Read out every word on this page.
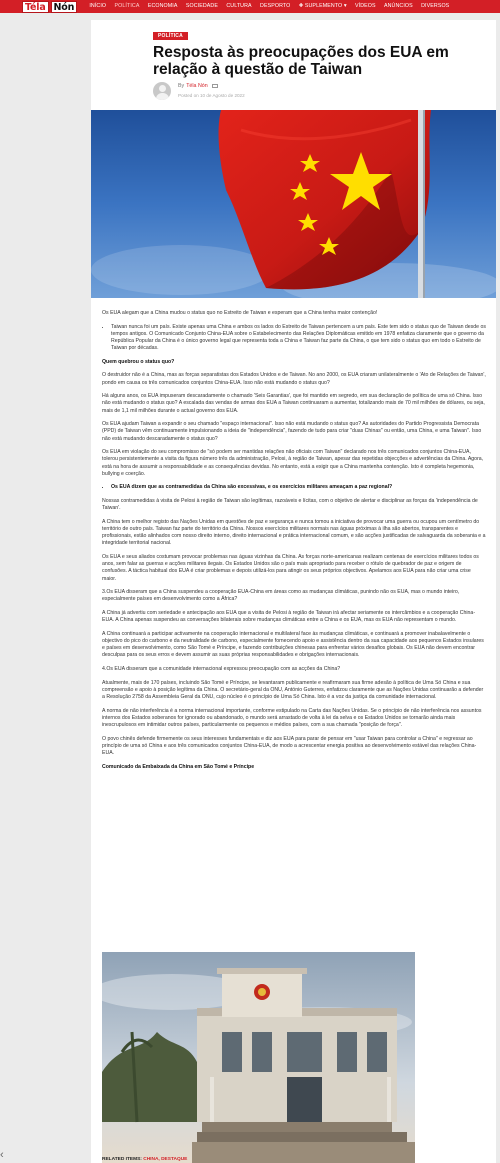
Téla Nón	INÍCIO	POLÍTICA	ECONOMIA	SOCIEDADE	CULTURA	DESPORTO	✚ SUPLEMENTO ▾	VÍDEOS	ANÚNCIOS	DIVERSOS
POLÍTICA
Resposta às preocupações dos EUA em relação à questão de Taiwan
By Téla Nón
Posted on 10 de Agosto de 2022

Os EUA alegam que a China mudou o status quo no Estreito de Taiwan e esperam que a China tenha maior contenção!

• Taiwan nunca foi um país. Existe apenas uma China e ambos os lados do Estreito de Taiwan pertencem a um país. Este tem sido o status quo de Taiwan desde os tempos antigos. O Comunicado Conjunto China-EUA sobre o Estabelecimento das Relações Diplomáticas emitido em 1978 enfatiza claramente que o governo da República Popular da China é o único governo legal que representa toda a China e Taiwan faz parte da China, o que tem sido o status quo em todo o Estreito de Taiwan por décadas.

Quem quebrou o status quo?

O destruidor não é a China, mas as forças separatistas dos Estados Unidos e de Taiwan. No ano 2000, os EUA criaram unilateralmente o 'Ato de Relações de Taiwan', pondo em causa os três comunicados conjuntos China-EUA. Isso não está mudando o status quo?

Há alguns anos, os EUA impuseram descaradamente o chamado 'Seis Garantias', que foi mantido em segredo, em sua declaração de política de uma só China. Isso não está mudando o status quo? A escalada das vendas de armas dos EUA a Taiwan continuaram a aumentar, totalizando mais de 70 mil milhões de dólares, ou seja, mais de 1,1 mil milhões durante o actual governo dos EUA.

Os EUA ajudam Taiwan a expandir o seu chamado "espaço internacional". Isso não está mudando o status quo? As autoridades do Partido Progressista Democrata (PPD) de Taiwan vêm continuamente impulsionando a ideia de "independência", fazendo de tudo para criar "duas Chinas" ou então, uma China, e uma Taiwan". Isso não está mudando descaradamente o status quo?

Os EUA em violação do seu compromisso de "só podem ser mantidas relações não oficiais com Taiwan" declarado nos três comunicados conjuntos China-EUA, tolerou persistentemente a visita da figura número três da administração, Pelosi, à região de Taiwan, apesar das repetidas objecções e advertências da China. Agora, está na hora de assumir a responsabilidade e as consequências devidas. No entanto, está a exigir que a China mantenha contenção. Isto é completa hegemonia, bullying e coerção.

• Os EUA dizem que as contramedidas da China são excessivas, e os exercícios militares ameaçam a paz regional?

Nossas contramedidas à visita de Pelosi à região de Taiwan são legítimas, razoáveis e lícitas, com o objetivo de alertar e disciplinar as forças da 'independência de Taiwan'.

A China tem o melhor registo das Nações Unidas em questões de paz e segurança e nunca tomou a iniciativa de provocar uma guerra ou ocupou um centímetro do território de outro país. Taiwan faz parte do território da China. Nossos exercícios militares normais nas águas próximas à ilha são abertos, transparentes e profissionais, estão alinhados com nosso direito interno, direito internacional e prática internacional comum, e são acções justificadas de salvaguarda da soberania e a integridade territorial nacional.

Os EUA e seus aliados costumam provocar problemas nas águas vizinhas da China. As forças norte-americanas realizam centenas de exercícios militares todos os anos, sem falar as guerras e acções militares ilegais. Os Estados Unidos são o país mais apropriado para receber o rótulo de quebrador de paz e origem de confusões. A táctica habitual dos EUA é criar problemas e depois utilizá-los para atingir os seus próprios objectivos. Apelamos aos EUA para não criar uma crise maior.

3.Os EUA disseram que a China suspendeu a cooperação EUA-China em áreas como as mudanças climáticas, punindo não os EUA, mas o mundo inteiro, especialmente países em desenvolvimento como a África?

A China já advertiu com seriedade e antecipação aos EUA que a visita de Pelosi à região de Taiwan irá afectar seriamente os intercâmbios e a cooperação China-EUA. A China apenas suspendeu as conversações bilaterais sobre mudanças climáticas entre a China e os EUA, mas os EUA não representam o mundo.

A China continuará a participar activamente na cooperação internacional e multilateral face às mudanças climáticas, e continuará a promover inabalavelmente o objectivo do pico do carbono e da neutralidade de carbono, especialmente fornecendo apoio e assistência dentro da sua capacidade aos pequenos Estados insulares e países em desenvolvimento, como São Tomé e Príncipe, e fazendo contribuições chinesas para enfrentar vários desafios globais. Os EUA não devem encontrar desculpas para os seus erros e devem assumir as suas próprias responsabilidades e obrigações internacionais.

4.Os EUA disseram que a comunidade internacional expressou preocupação com as acções da China?

Atualmente, mais de 170 países, incluindo São Tomé e Príncipe, se levantaram publicamente e reafirmaram sua firme adesão à política de Uma Só China e sua compreensão e apoio à posição legítima da China. O secretário-geral da ONU, António Guterres, enfatizou claramente que as Nações Unidas continuarão a defender a Resolução 2758 da Assembleia Geral da ONU, cujo núcleo é o princípio de Uma Só China. Isto é a voz da justiça da comunidade internacional.

A norma de não interferência é a norma internacional importante, conforme estipulado na Carta das Nações Unidas. Se o princípio de não interferência nos assuntos internos dos Estados soberanos for ignorado ou abandonado, o mundo será arrastado de volta à lei da selva e os Estados Unidos se tornarão ainda mais inescrupulosos em intimidar outros países, particularmente os pequenos e médios países, com a sua chamada "posição de força".

O povo chinês defende firmemente os seus interesses fundamentais e diz aos EUA para parar de pensar em "usar Taiwan para controlar a China" e regressar ao princípio de uma só China e aos três comunicados conjuntos China-EUA, de modo a acrescentar energia positiva ao desenvolvimento estável das relações China-EUA.

Comunicado da Embaixada da China em São Tomé e Príncipe

RELATED ITEMS: CHINA, DESTAQUE
‹
